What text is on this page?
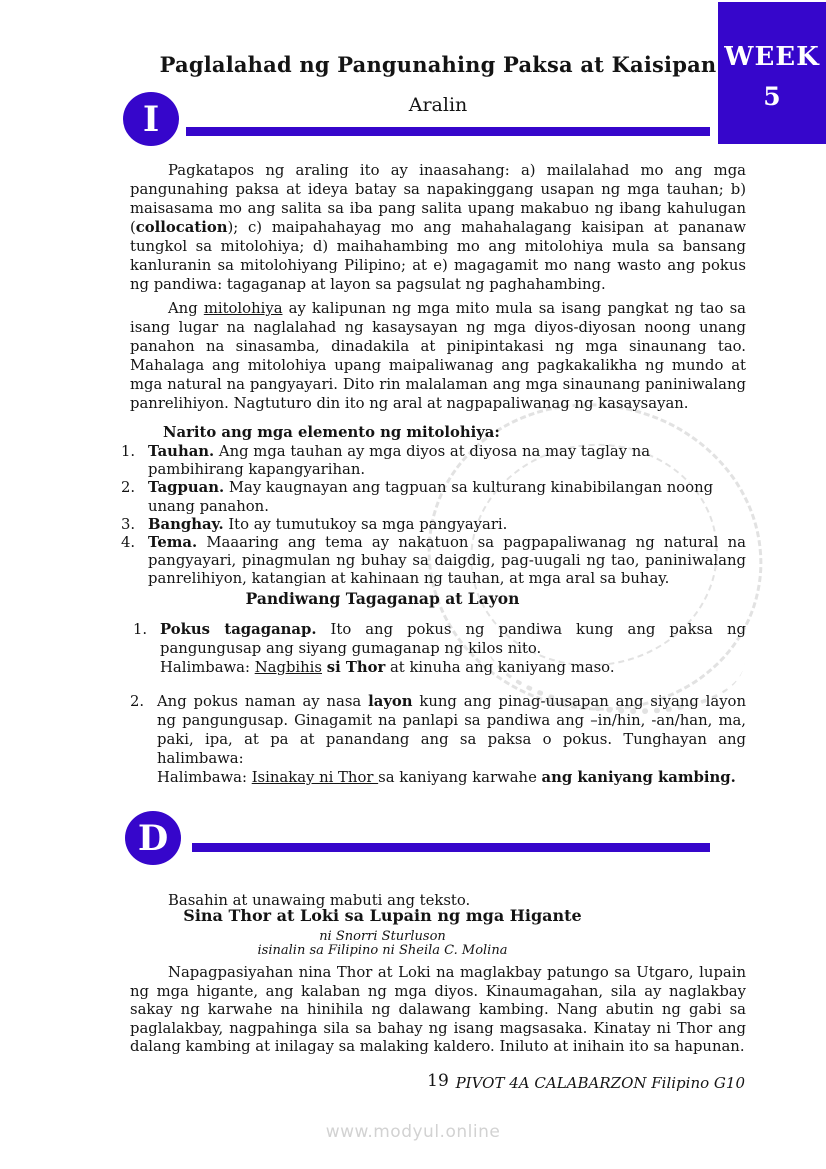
WEEK
5
Paglalahad ng Pangunahing Paksa at Kaisipan
Aralin
I

Pagkatapos ng araling ito ay inaasahang: a) mailalahad mo ang mga pangunahing paksa at ideya batay sa napakinggang usapan ng mga tauhan; b) maisasama mo ang salita sa iba pang salita upang makabuo ng ibang kahulugan (collocation); c) maipahahayag mo ang mahahalagang kaisipan at pananaw tungkol sa mitolohiya; d) maihahambing mo ang mitolohiya mula sa bansang kanluranin sa mitolohiyang Pilipino; at e) magagamit mo nang wasto ang pokus ng pandiwa: tagaganap at layon sa pagsulat ng paghahambing.

Ang mitolohiya ay kalipunan ng mga mito mula sa isang pangkat ng tao sa isang lugar na naglalahad ng kasaysayan ng mga diyos-diyosan noong unang panahon na sinasamba, dinadakila at pinipintakasi ng mga sinaunang tao. Mahalaga ang mitolohiya upang maipaliwanag ang pagkakalikha ng mundo at mga natural na pangyayari. Dito rin malalaman ang mga sinaunang paniniwalang panrelihiyon. Nagtuturo din ito ng aral at nagpapaliwanag ng kasaysayan.

Narito ang mga elemento ng mitolohiya:
1. Tauhan. Ang mga tauhan ay mga diyos at diyosa na may taglay na pambihirang kapangyarihan.
2. Tagpuan. May kaugnayan ang tagpuan sa kulturang kinabibilangan noong unang panahon.
3. Banghay. Ito ay tumutukoy sa mga pangyayari.
4. Tema. Maaaring ang tema ay nakatuon sa pagpapaliwanag ng natural na pangyayari, pinagmulan ng buhay sa daigdig, pag-uugali ng tao, paniniwalang panrelihiyon, katangian at kahinaan ng tauhan, at mga aral sa buhay.
Pandiwang Tagaganap at Layon
1. Pokus tagaganap. Ito ang pokus ng pandiwa kung ang paksa ng pangungusap ang siyang gumaganap ng kilos nito.
Halimbawa: Nagbihis si Thor at kinuha ang kaniyang maso.
2. Ang pokus naman ay nasa layon kung ang pinag-uusapan ang siyang layon ng pangungusap. Ginagamit na panlapi sa pandiwa ang –in/hin, -an/han, ma, paki, ipa, at pa at panandang ang sa paksa o pokus. Tunghayan ang halimbawa:
Halimbawa: Isinakay ni Thor sa kaniyang karwahe ang kaniyang kambing.
D

Basahin at unawaing mabuti ang teksto.

Sina Thor at Loki sa Lupain ng mga Higante
ni Snorri Sturluson
isinalin sa Filipino ni Sheila C. Molina

Napagpasiyahan nina Thor at Loki na maglakbay patungo sa Utgaro, lupain ng mga higante, ang kalaban ng mga diyos. Kinaumagahan, sila ay naglakbay sakay ng karwahe na hinihila ng dalawang kambing. Nang abutin ng gabi sa paglalakbay, nagpahinga sila sa bahay ng isang magsasaka. Kinatay ni Thor ang dalang kambing at inilagay sa malaking kaldero. Iniluto at inihain ito sa hapunan.

19 PIVOT 4A CALABARZON Filipino G10
www.modyul.online
